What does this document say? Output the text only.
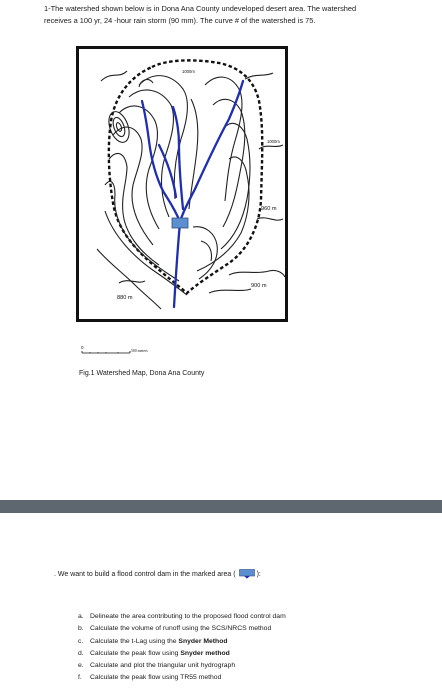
1-The watershed shown below is in Dona Ana County undeveloped desert area. The watershed
receives a 100 yr, 24 -hour rain storm (90 mm). The curve # of the watershed is 75.
1000m
1000m
960 m
900 m
880 m
0
500 meters
Fig.1 Watershed Map, Dona Ana County
. We want to build a flood control dam in the marked area (	):
a. Delineate the area contributing to the proposed flood control dam
b. Calculate the volume of runoff using the SCS/NRCS method
c. Calculate the t-Lag using the
Snyder Method
d. Calculate the peak flow using
Snyder method
e. Calculate and plot the triangular unit hydrograph
f.	Calculate the peak flow using TR55 method
